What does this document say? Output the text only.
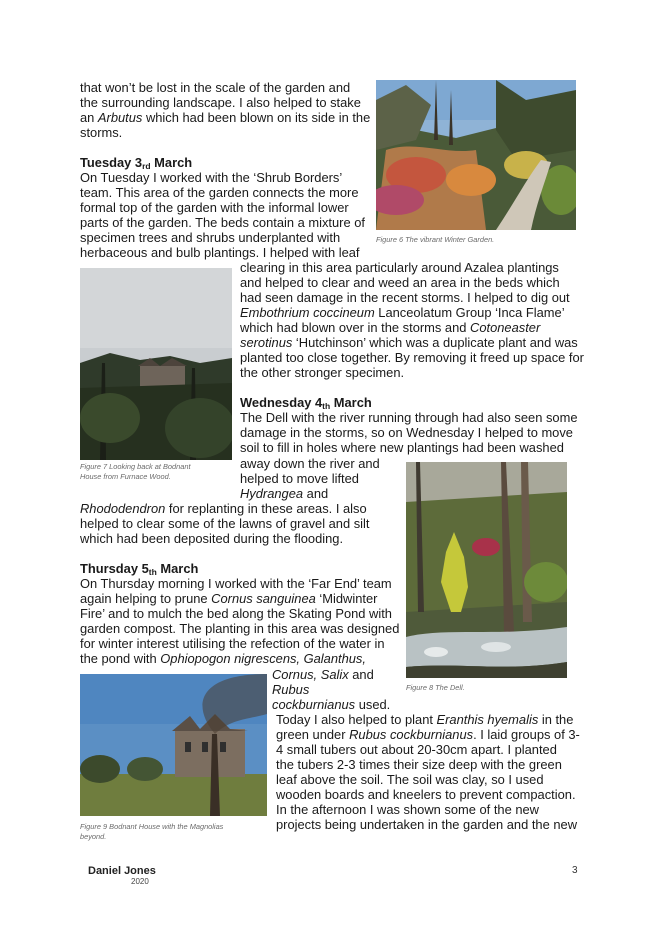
that won’t be lost in the scale of the garden and
the surrounding landscape. I also helped to stake
an Arbutus which had been blown on its side in the
storms.
Tuesday $3_{rd}$ March
On Tuesday I worked with the ‘Shrub Borders’
team. This area of the garden connects the more
formal top of the garden with the informal lower
parts of the garden. The beds contain a mixture of
specimen trees and shrubs underplanted with
herbaceous and bulb plantings. I helped with leaf
clearing in this area particularly around Azalea plantings
and helped to clear and weed an area in the beds which
had seen damage in the recent storms. I helped to dig out
Embothrium coccineum Lanceolatum Group ‘Inca Flame’
which had blown over in the storms and Cotoneaster
serotinus ‘Hutchinson’ which was a duplicate plant and was
planted too close together. By removing it freed up space for
the other stronger specimen.
Wednesday $4_{th}$ March
The Dell with the river running through had also seen some
damage in the storms, so on Wednesday I helped to move
soil to fill in holes where new plantings had been washed
away down the river and
helped to move lifted
Hydrangea and
Rhododendron for replanting in these areas. I also
helped to clear some of the lawns of gravel and silt
which had been deposited during the flooding.
Thursday $5_{th}$ March
On Thursday morning I worked with the ‘Far End’ team
again helping to prune Cornus sanguinea ‘Midwinter
Fire’ and to mulch the bed along the Skating Pond with
garden compost. The planting in this area was designed
for winter interest utilising the refection of the water in
the pond with Ophiopogon nigrescens, Galanthus,
Cornus, Salix and
Rubus
cockburnianus used.
Today I also helped to plant Eranthis hyemalis in the
green under Rubus cockburnianus. I laid groups of 3-
4 small tubers out about 20-30cm apart. I planted
the tubers 2-3 times their size deep with the green
leaf above the soil. The soil was clay, so I used
wooden boards and kneelers to prevent compaction.
In the afternoon I was shown some of the new
projects being undertaken in the garden and the new
Figure 6 The vibrant Winter Garden.
Figure 7 Looking back at Bodnant
House from Furnace Wood.
Figure 8 The Dell.
Figure 9 Bodnant House with the Magnolias
beyond.
Daniel Jones
2020
3
